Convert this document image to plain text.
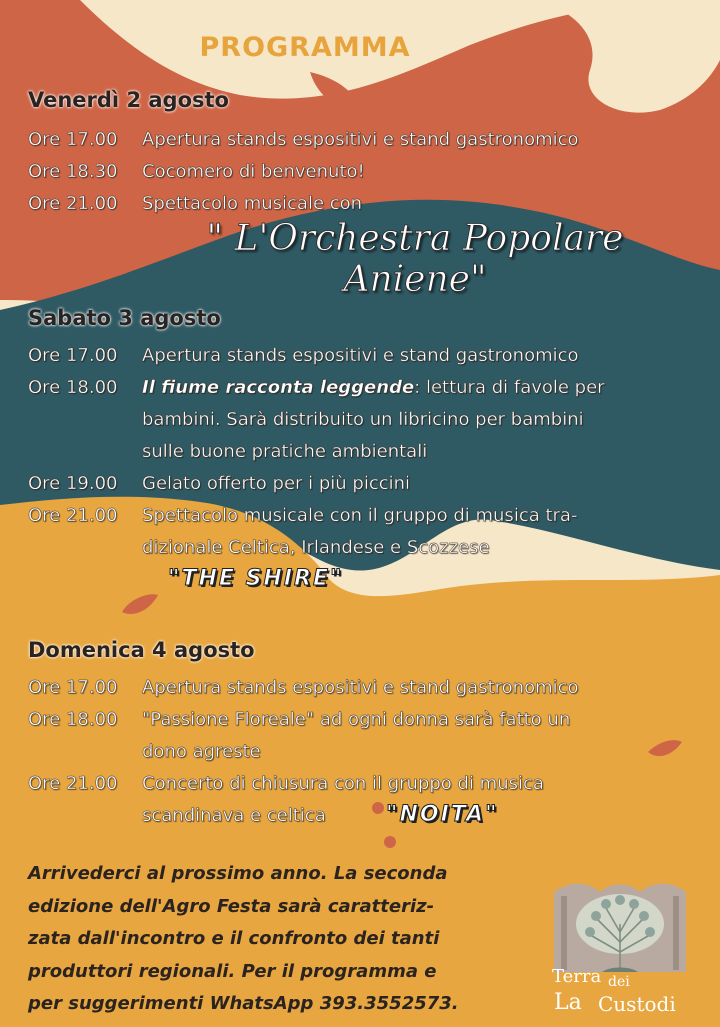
PROGRAMMA
Venerdì 2 agosto
Ore 17.00	Apertura stands espositivi e stand gastronomico
Ore 18.30	Cocomero di benvenuto!
Ore 21.00	Spettacolo musicale con
" L'Orchestra Popolare Aniene"
Sabato 3 agosto
Ore 17.00	Apertura stands espositivi e stand gastronomico
Ore 18.00	Il fiume racconta leggende: lettura di favole per
bambini. Sarà distribuito un libricino per bambini
sulle buone pratiche ambientali
Ore 19.00	Gelato offerto per i più piccini
Ore 21.00	Spettacolo musicale con il gruppo di musica tra-
dizionale Celtica, Irlandese e Scozzese
"THE SHIRE"
Domenica 4 agosto
Ore 17.00	Apertura stands espositivi e stand gastronomico
Ore 18.00	"Passione Floreale" ad ogni donna sarà fatto un
dono agreste
Ore 21.00	Concerto di chiusura con il gruppo di musica
scandinava e celtica	"NOITA"
Arrivederci al prossimo anno. La seconda
edizione dell'Agro Festa sarà caratteriz-
zata dall'incontro e il confronto dei tanti
produttori regionali. Per il programma e
per suggerimenti WhatsApp 393.3552573.
Terra
La
dei
Custodi
